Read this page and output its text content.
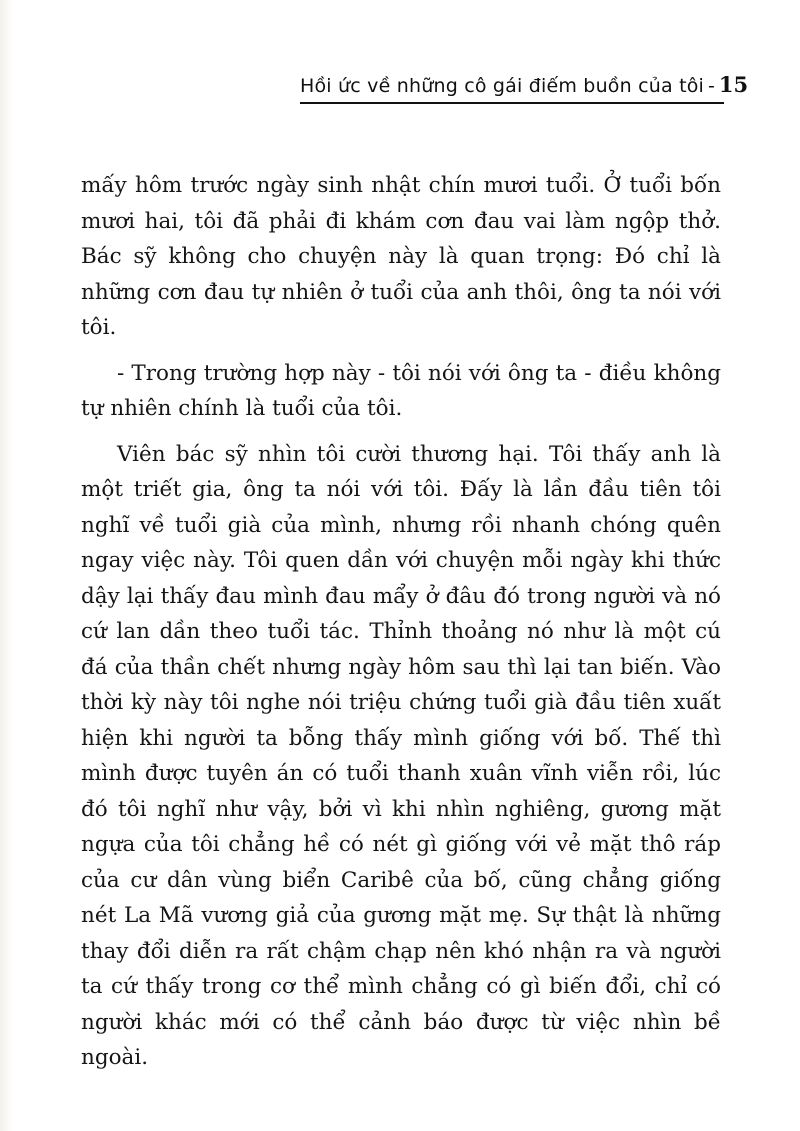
Hồi ức về những cô gái điếm buồn của tôi - 15

mấy hôm trước ngày sinh nhật chín mươi tuổi. Ở tuổi bốn mươi hai, tôi đã phải đi khám cơn đau vai làm ngộp thở. Bác sỹ không cho chuyện này là quan trọng: Đó chỉ là những cơn đau tự nhiên ở tuổi của anh thôi, ông ta nói với tôi.

- Trong trường hợp này - tôi nói với ông ta - điều không tự nhiên chính là tuổi của tôi.

Viên bác sỹ nhìn tôi cười thương hại. Tôi thấy anh là một triết gia, ông ta nói với tôi. Đấy là lần đầu tiên tôi nghĩ về tuổi già của mình, nhưng rồi nhanh chóng quên ngay việc này. Tôi quen dần với chuyện mỗi ngày khi thức dậy lại thấy đau mình đau mẩy ở đâu đó trong người và nó cứ lan dần theo tuổi tác. Thỉnh thoảng nó như là một cú đá của thần chết nhưng ngày hôm sau thì lại tan biến. Vào thời kỳ này tôi nghe nói triệu chứng tuổi già đầu tiên xuất hiện khi người ta bỗng thấy mình giống với bố. Thế thì mình được tuyên án có tuổi thanh xuân vĩnh viễn rồi, lúc đó tôi nghĩ như vậy, bởi vì khi nhìn nghiêng, gương mặt ngựa của tôi chẳng hề có nét gì giống với vẻ mặt thô ráp của cư dân vùng biển Caribê của bố, cũng chẳng giống nét La Mã vương giả của gương mặt mẹ. Sự thật là những thay đổi diễn ra rất chậm chạp nên khó nhận ra và người ta cứ thấy trong cơ thể mình chẳng có gì biến đổi, chỉ có người khác mới có thể cảnh báo được từ việc nhìn bề ngoài.
